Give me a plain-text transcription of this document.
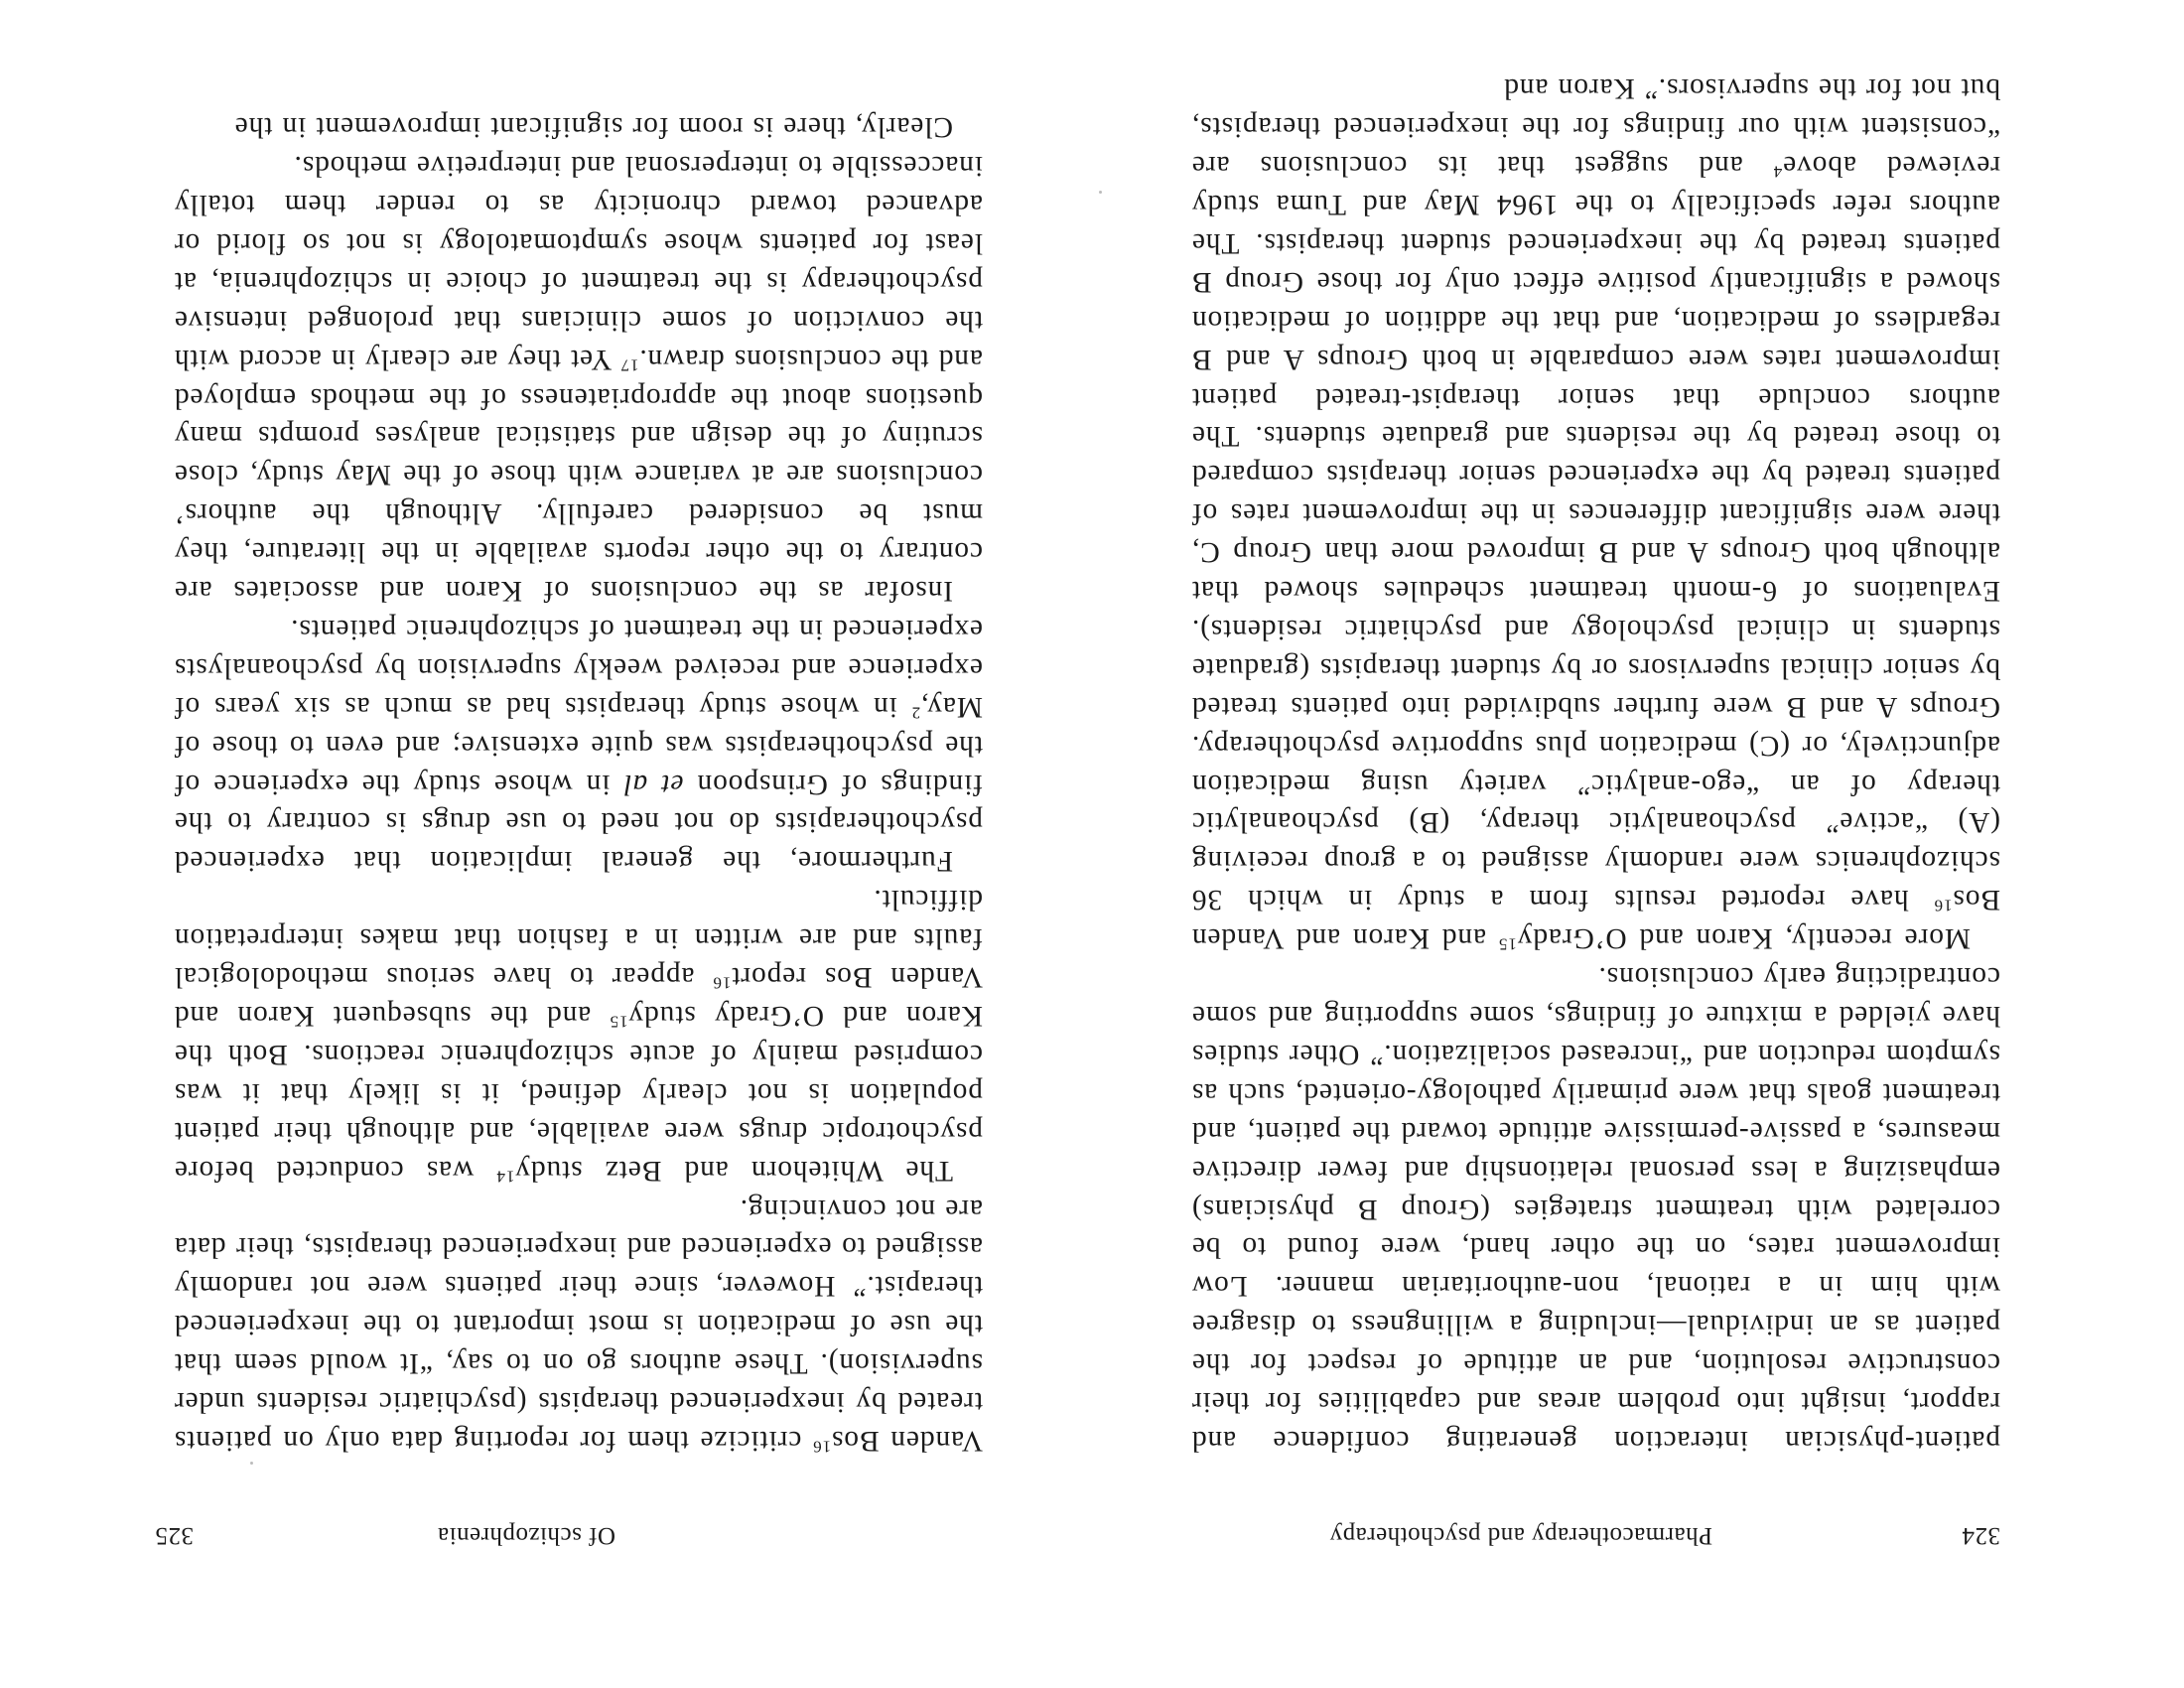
324
Pharmacotherapy and psychotherapy

patient-physician interaction generating confidence and rapport, insight into problem areas and capabilities for their constructive resolution, and an attitude of respect for the patient as an individual—including a willingness to disagree with him in a rational, non-authoritarian manner. Low improvement rates, on the other hand, were found to be correlated with treatment strategies (Group B physicians) emphasizing a less personal relationship and fewer directive measures, a passive-permissive attitude toward the patient, and treatment goals that were primarily pathology-oriented, such as symptom reduction and “increased socialization.” Other studies have yielded a mixture of findings, some supporting and some contradicting early conclusions.

More recently, Karon and O’Grady$^{15}$ and Karon and Vanden Bos$^{16}$ have reported results from a study in which 36 schizophrenics were randomly assigned to a group receiving (A) “active” psychoanalytic therapy, (B) psychoanalytic therapy of an “ego-analytic” variety using medication adjunctively, or (C) medication plus supportive psychotherapy. Groups A and B were further subdivided into patients treated by senior clinical supervisors or by student therapists (graduate students in clinical psychology and psychiatric residents). Evaluations of 6-month treatment schedules showed that although both Groups A and B improved more than Group C, there were significant differences in the improvement rates of patients treated by the experienced senior therapists compared to those treated by the residents and graduate students. The authors conclude that senior therapist-treated patient improvement rates were comparable in both Groups A and B regardless of medication, and that the addition of medication showed a significantly positive effect only for those Group B patients treated by the inexperienced student therapists. The authors refer specifically to the 1964 May and Tuma study reviewed above$^4$ and suggest that its conclusions are “consistent with our findings for the inexperienced therapists, but not for the supervisors.” Karon and

Of schizophrenia
325

Vanden Bos$^{16}$ criticize them for reporting data only on patients treated by inexperienced therapists (psychiatric residents under supervision). These authors go on to say, “It would seem that the use of medication is most important to the inexperienced therapist.” However, since their patients were not randomly assigned to experienced and inexperienced therapists, their data are not convincing.

The Whitehorn and Betz study$^{14}$ was conducted before psychotropic drugs were available, and although their patient population is not clearly defined, it is likely that it was comprised mainly of acute schizophrenic reactions. Both the Karon and O’Grady study$^{15}$ and the subsequent Karon and Vanden Bos report$^{16}$ appear to have serious methodological faults and are written in a fashion that makes interpretation difficult.

Furthermore, the general implication that experienced psychotherapists do not need to use drugs is contrary to the findings of Grinspoon et al in whose study the experience of the psychotherapists was quite extensive; and even to those of May,$^2$ in whose study therapists had as much as six years of experience and received weekly supervision by psychoanalysts experienced in the treatment of schizophrenic patients.

Insofar as the conclusions of Karon and associates are contrary to the other reports available in the literature, they must be considered carefully. Although the authors’ conclusions are at variance with those of the May study, close scrutiny of the design and statistical analyses prompts many questions about the appropriateness of the methods employed and the conclusions drawn.$^{17}$ Yet they are clearly in accord with the conviction of some clinicians that prolonged intensive psychotherapy is the treatment of choice in schizophrenia, at least for patients whose symptomatology is not so florid or advanced toward chronicity as to render them totally inaccessible to interpersonal and interpretive methods.

Clearly, there is room for significant improvement in the
